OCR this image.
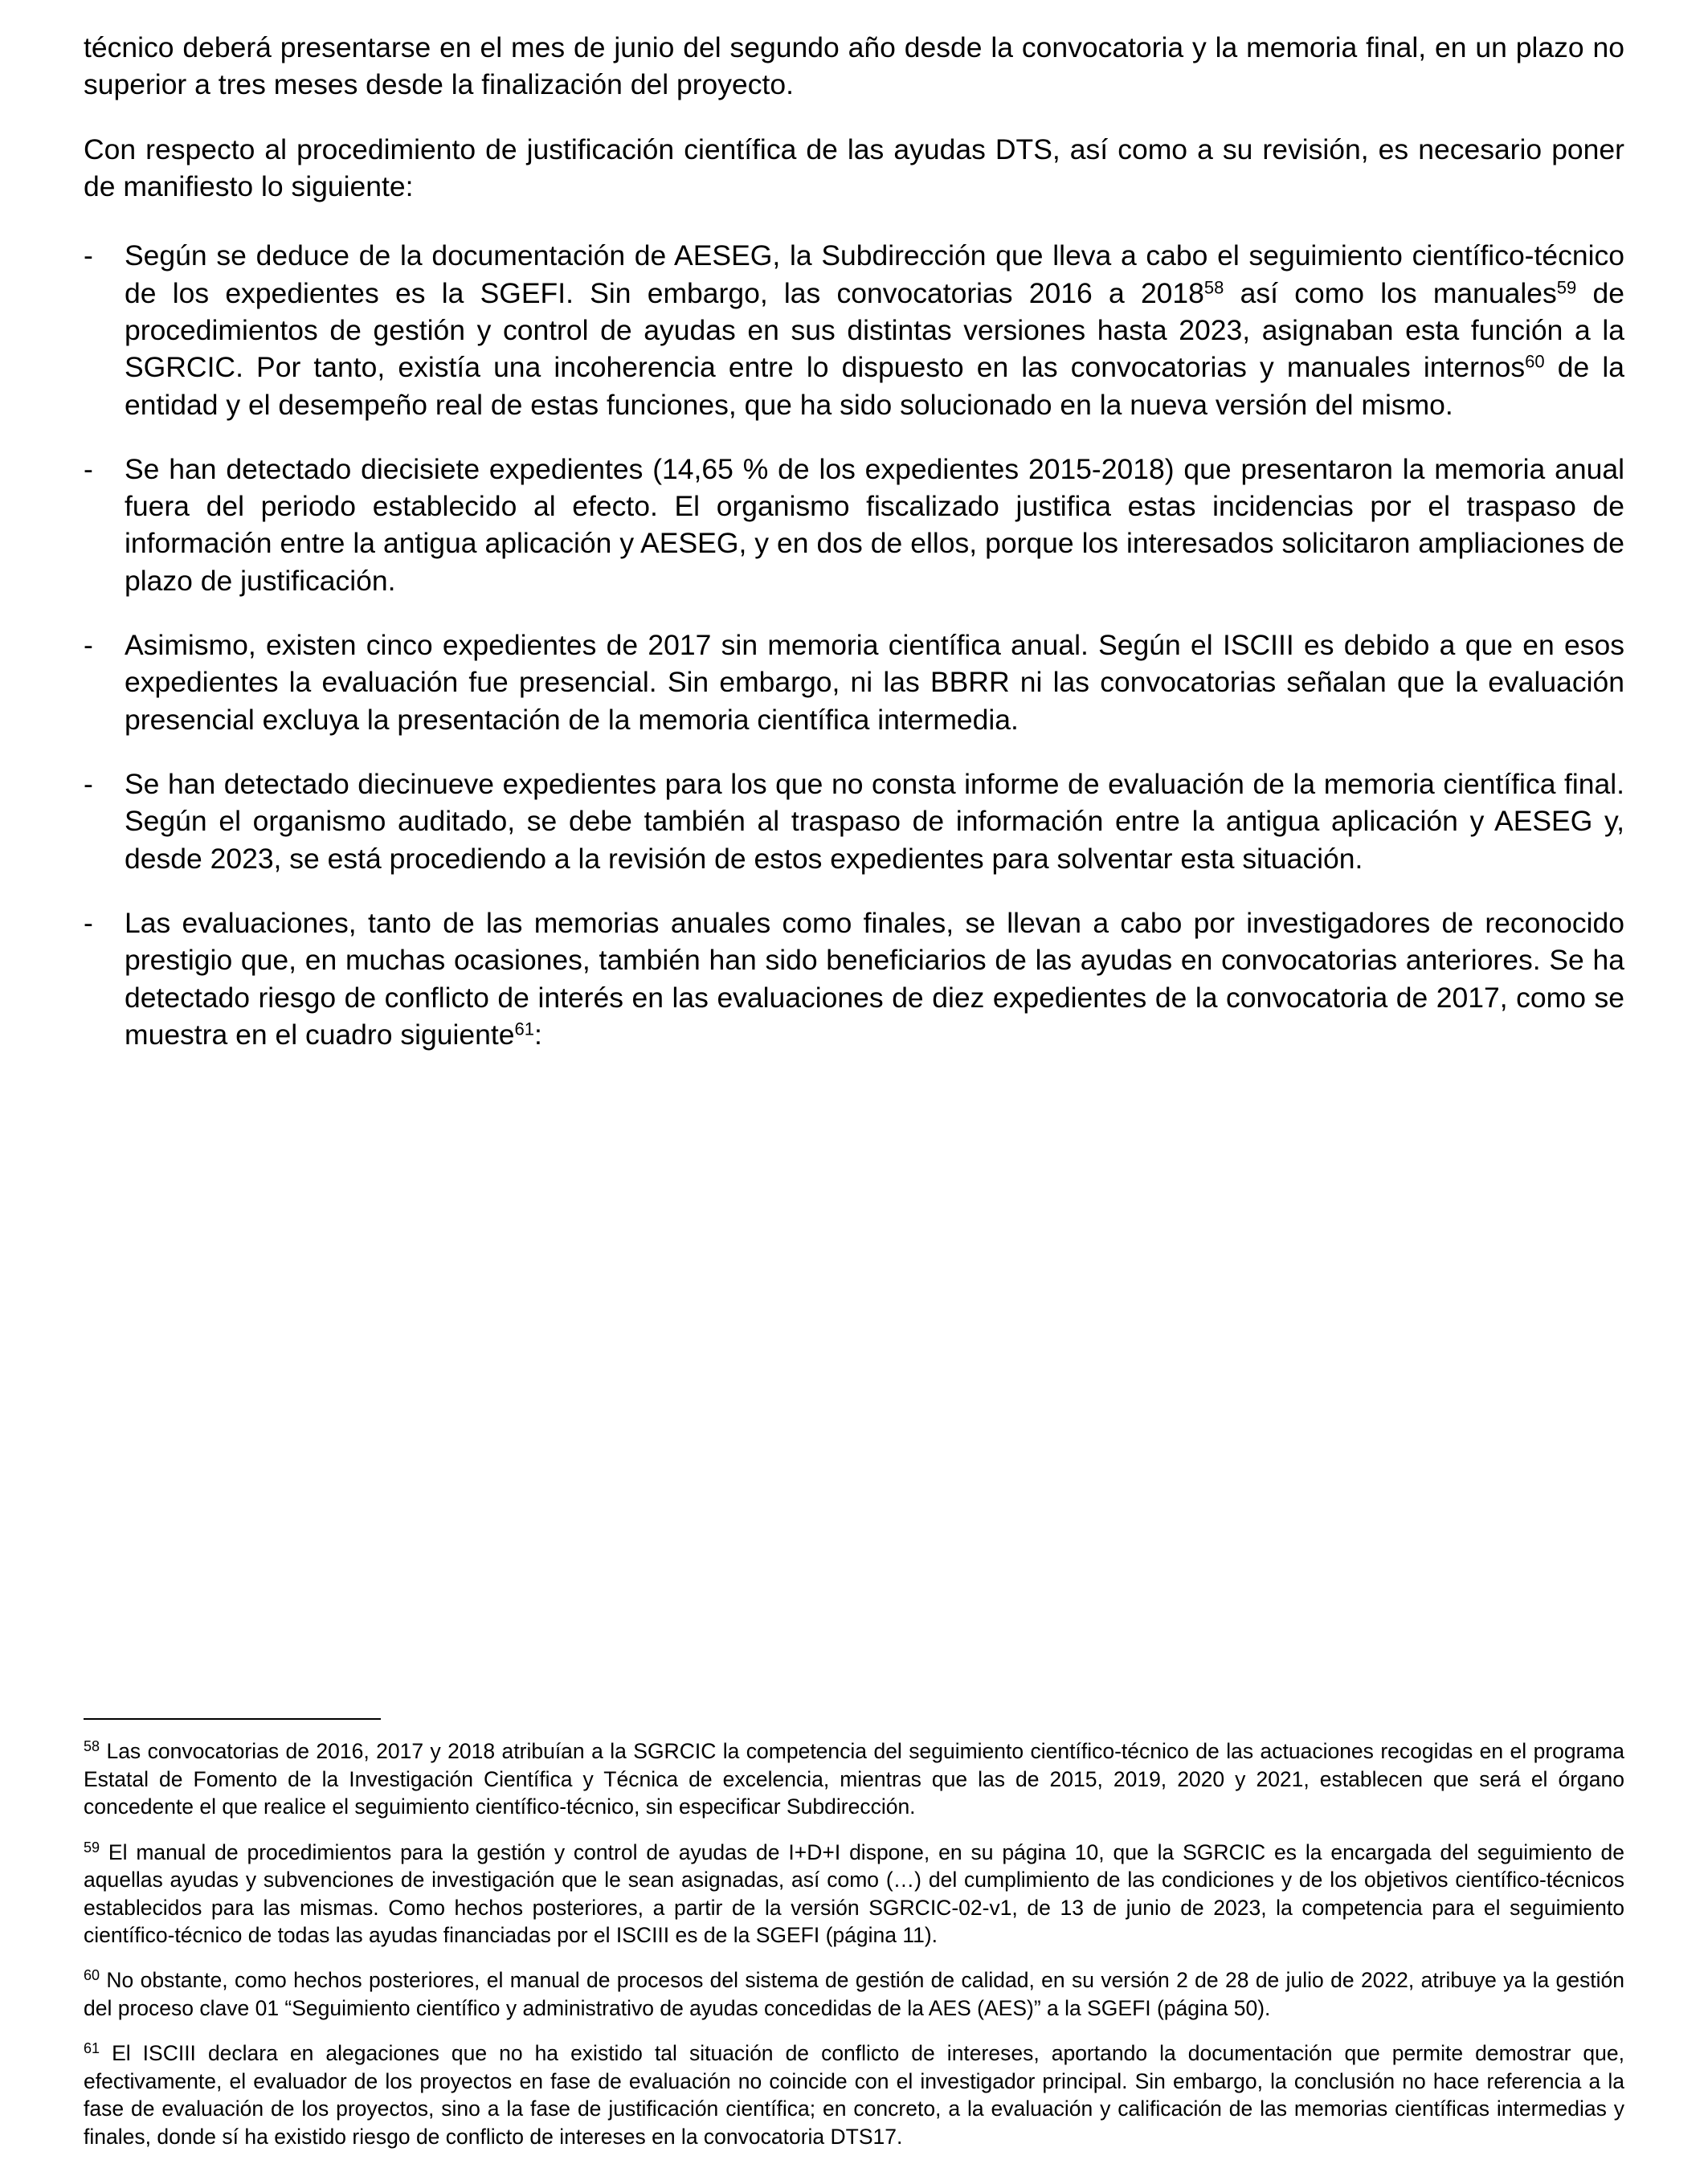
técnico deberá presentarse en el mes de junio del segundo año desde la convocatoria y la memoria final, en un plazo no superior a tres meses desde la finalización del proyecto.

Con respecto al procedimiento de justificación científica de las ayudas DTS, así como a su revisión, es necesario poner de manifiesto lo siguiente:

- Según se deduce de la documentación de AESEG, la Subdirección que lleva a cabo el seguimiento científico-técnico de los expedientes es la SGEFI. Sin embargo, las convocatorias 2016 a 2018$^{58}$ así como los manuales$^{59}$ de procedimientos de gestión y control de ayudas en sus distintas versiones hasta 2023, asignaban esta función a la SGRCIC. Por tanto, existía una incoherencia entre lo dispuesto en las convocatorias y manuales internos$^{60}$ de la entidad y el desempeño real de estas funciones, que ha sido solucionado en la nueva versión del mismo.
- Se han detectado diecisiete expedientes (14,65 % de los expedientes 2015-2018) que presentaron la memoria anual fuera del periodo establecido al efecto. El organismo fiscalizado justifica estas incidencias por el traspaso de información entre la antigua aplicación y AESEG, y en dos de ellos, porque los interesados solicitaron ampliaciones de plazo de justificación.
- Asimismo, existen cinco expedientes de 2017 sin memoria científica anual. Según el ISCIII es debido a que en esos expedientes la evaluación fue presencial. Sin embargo, ni las BBRR ni las convocatorias señalan que la evaluación presencial excluya la presentación de la memoria científica intermedia.
- Se han detectado diecinueve expedientes para los que no consta informe de evaluación de la memoria científica final. Según el organismo auditado, se debe también al traspaso de información entre la antigua aplicación y AESEG y, desde 2023, se está procediendo a la revisión de estos expedientes para solventar esta situación.
- Las evaluaciones, tanto de las memorias anuales como finales, se llevan a cabo por investigadores de reconocido prestigio que, en muchas ocasiones, también han sido beneficiarios de las ayudas en convocatorias anteriores. Se ha detectado riesgo de conflicto de interés en las evaluaciones de diez expedientes de la convocatoria de 2017, como se muestra en el cuadro siguiente$^{61}$:

$^{58}$ Las convocatorias de 2016, 2017 y 2018 atribuían a la SGRCIC la competencia del seguimiento científico-técnico de las actuaciones recogidas en el programa Estatal de Fomento de la Investigación Científica y Técnica de excelencia, mientras que las de 2015, 2019, 2020 y 2021, establecen que será el órgano concedente el que realice el seguimiento científico-técnico, sin especificar Subdirección.

$^{59}$ El manual de procedimientos para la gestión y control de ayudas de I+D+I dispone, en su página 10, que la SGRCIC es la encargada del seguimiento de aquellas ayudas y subvenciones de investigación que le sean asignadas, así como (…) del cumplimiento de las condiciones y de los objetivos científico-técnicos establecidos para las mismas. Como hechos posteriores, a partir de la versión SGRCIC-02-v1, de 13 de junio de 2023, la competencia para el seguimiento científico-técnico de todas las ayudas financiadas por el ISCIII es de la SGEFI (página 11).

$^{60}$ No obstante, como hechos posteriores, el manual de procesos del sistema de gestión de calidad, en su versión 2 de 28 de julio de 2022, atribuye ya la gestión del proceso clave 01 “Seguimiento científico y administrativo de ayudas concedidas de la AES (AES)” a la SGEFI (página 50).

$^{61}$ El ISCIII declara en alegaciones que no ha existido tal situación de conflicto de intereses, aportando la documentación que permite demostrar que, efectivamente, el evaluador de los proyectos en fase de evaluación no coincide con el investigador principal. Sin embargo, la conclusión no hace referencia a la fase de evaluación de los proyectos, sino a la fase de justificación científica; en concreto, a la evaluación y calificación de las memorias científicas intermedias y finales, donde sí ha existido riesgo de conflicto de intereses en la convocatoria DTS17.
